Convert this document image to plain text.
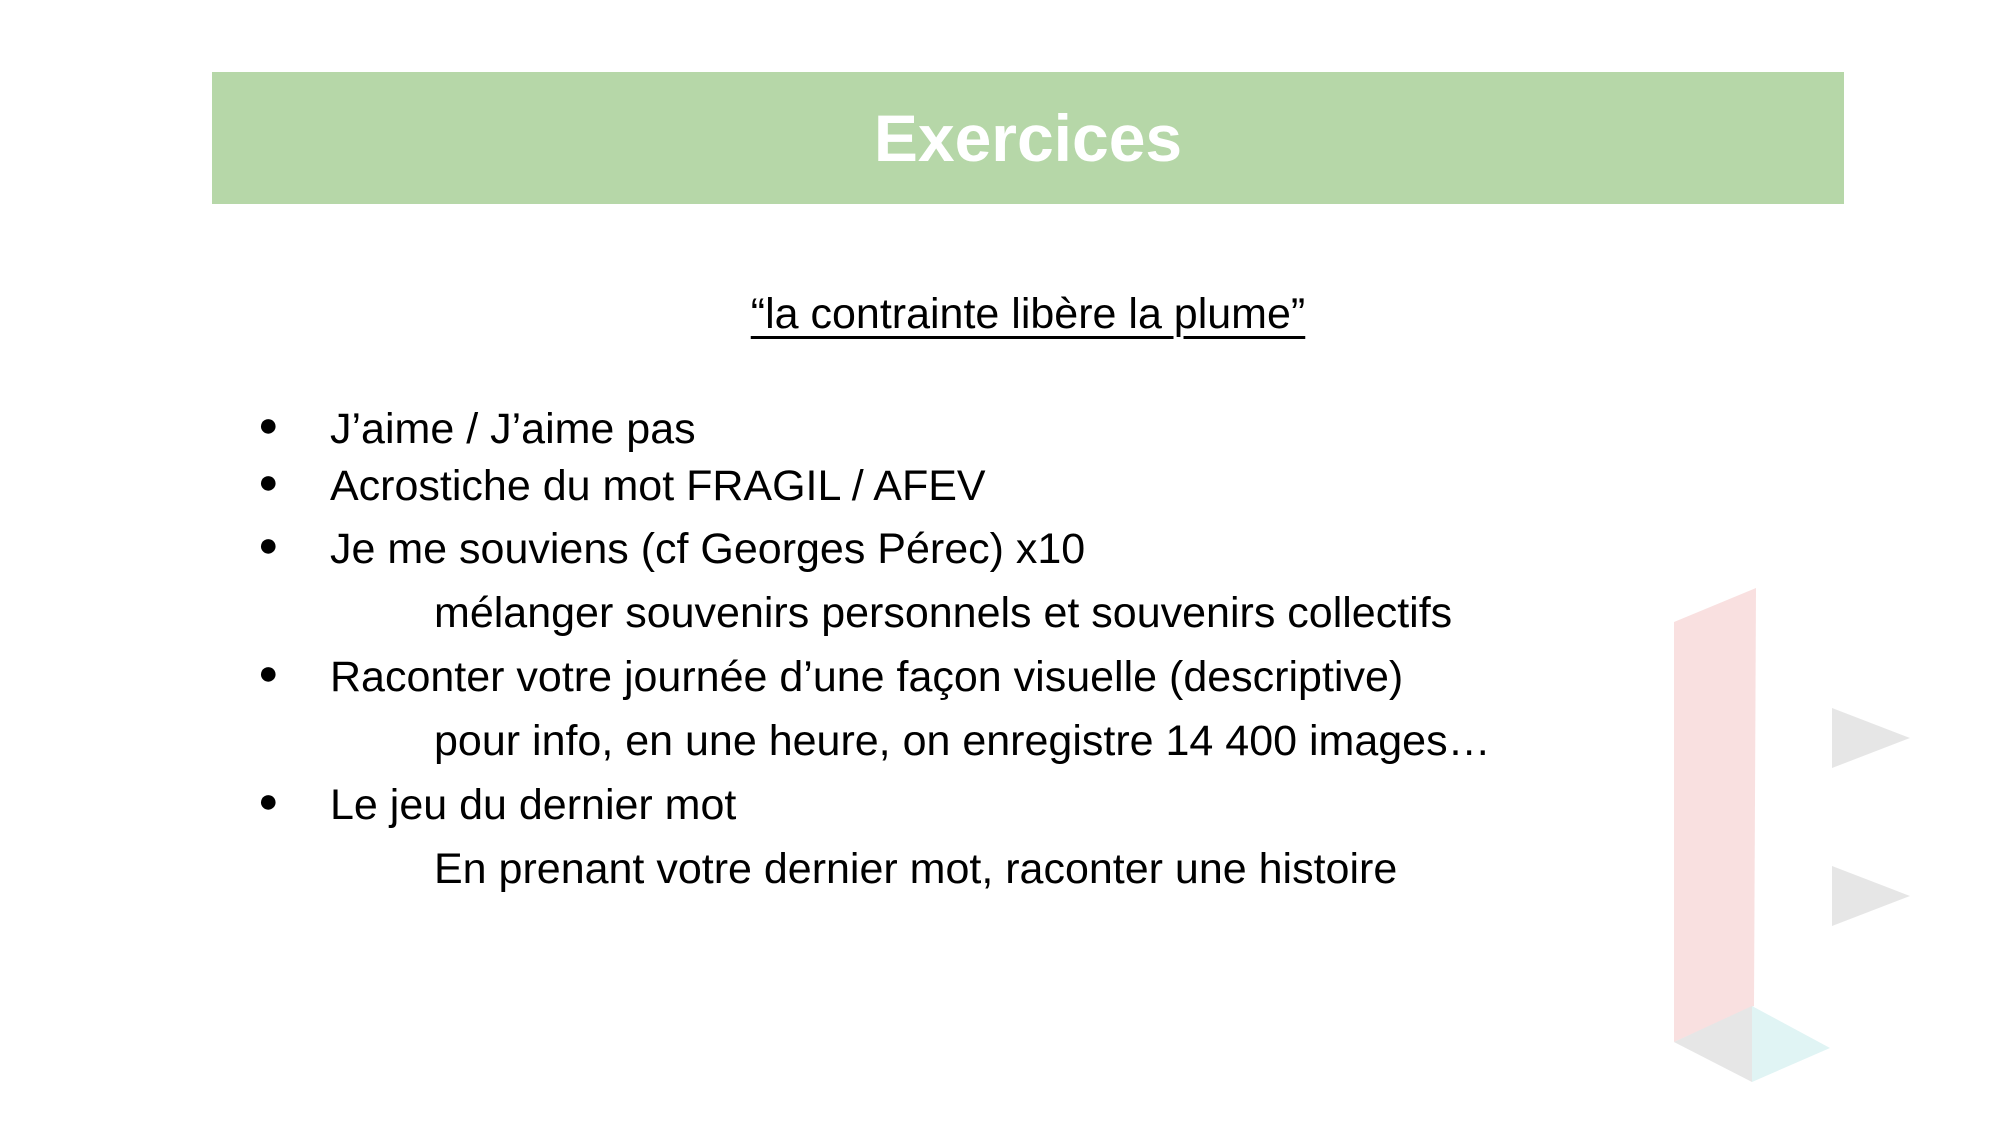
Exercices
“la contrainte libère la plume”
● J’aime / J’aime pas
● Acrostiche du mot FRAGIL / AFEV
● Je me souviens (cf Georges Pérec) x10
mélanger souvenirs personnels et souvenirs collectifs
● Raconter votre journée d’une façon visuelle (descriptive)
pour info, en une heure, on enregistre 14 400 images…
● Le jeu du dernier mot
En prenant votre dernier mot, raconter une histoire
